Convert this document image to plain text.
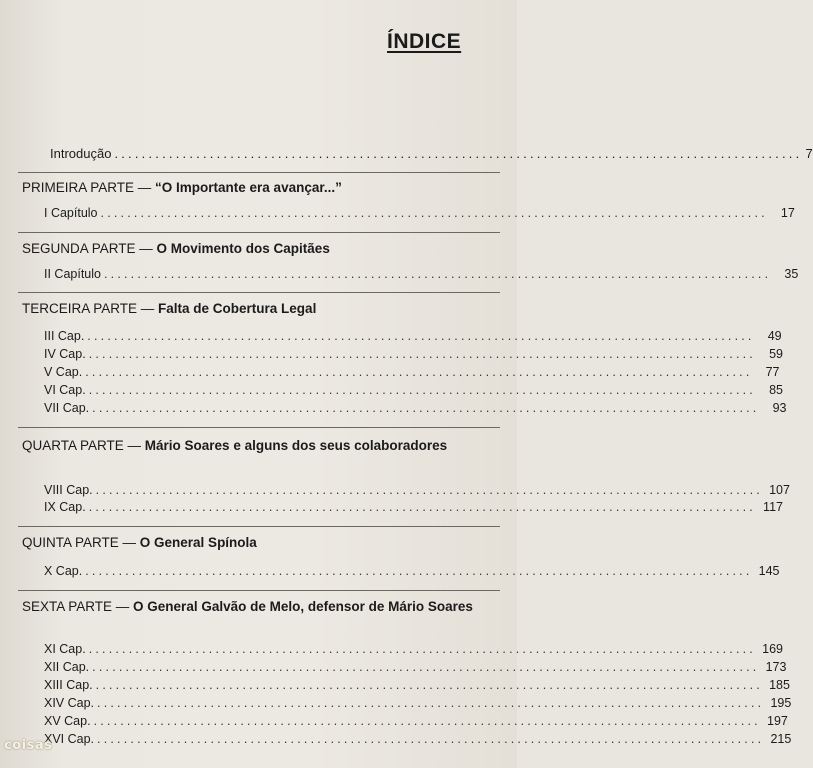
ÍNDICE
Introdução ..................................................................................................... 7
PRIMEIRA PARTE — “O Importante era avançar...”
I Capítulo ....................................................................................................	17
SEGUNDA PARTE — O Movimento dos Capitães
II Capítulo ....................................................................................................	35
TERCEIRA PARTE — Falta de Cobertura Legal
III Cap. ....................................................................................................	49
IV Cap. ....................................................................................................	59
V Cap. ....................................................................................................	77
VI Cap. ....................................................................................................	85
VII Cap. ....................................................................................................	93
QUARTA PARTE — Mário Soares e alguns dos seus colaboradores
VIII Cap. .................................................................................................... 107
IX Cap. .................................................................................................... 117
QUINTA PARTE — O General Spínola
X Cap. .................................................................................................... 145
SEXTA PARTE — O General Galvão de Melo, defensor de Mário Soares
XI Cap. .................................................................................................... 169
XII Cap. .................................................................................................... 173
XIII Cap. .................................................................................................... 185
XIV Cap. .................................................................................................... 195
XV Cap. .................................................................................................... 197
XVI Cap. .................................................................................................... 215
coisas
